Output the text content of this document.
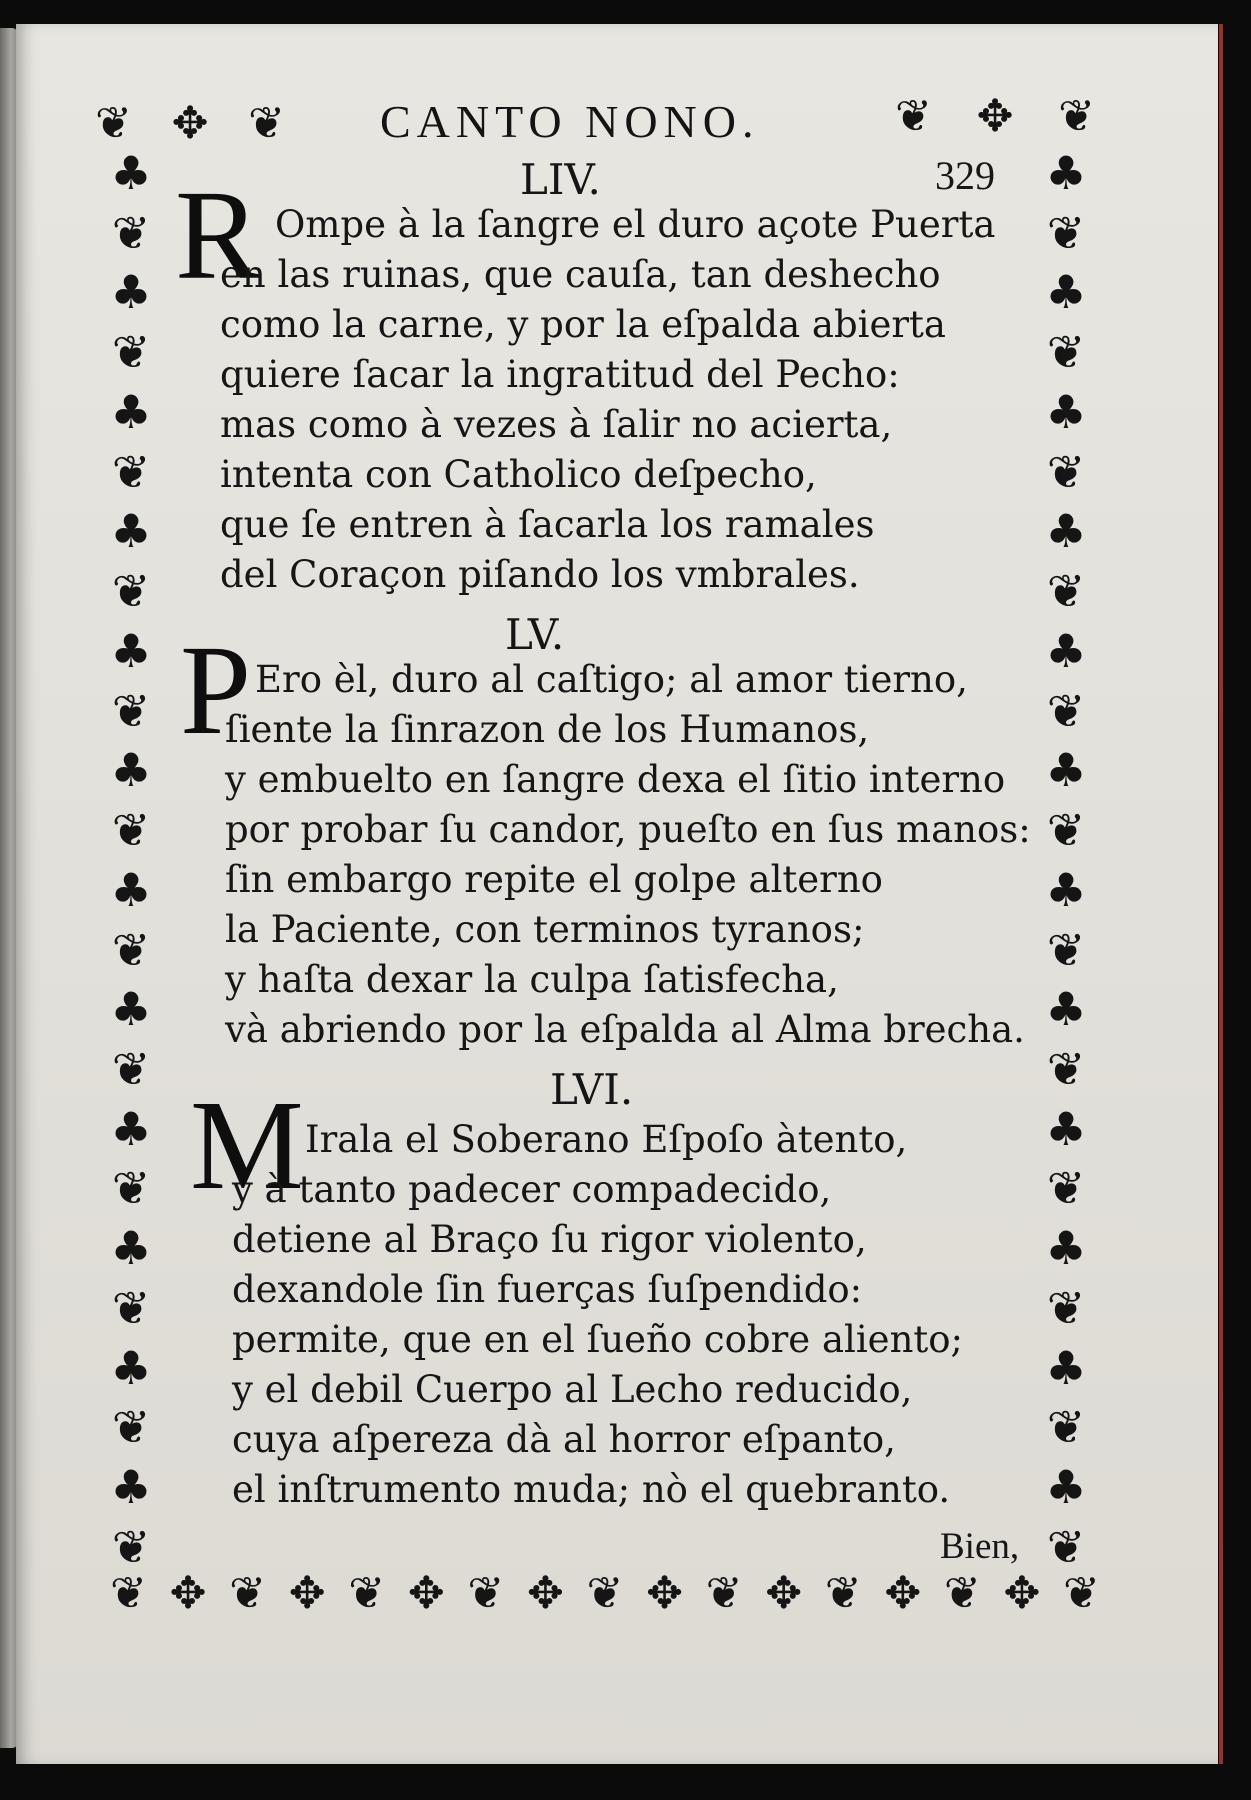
❦ ✥ ❦	❦ ✥ ❦
♣
❦
♣
❦
♣
❦
♣
❦
♣
❦
♣
❦
♣
❦
♣
❦
♣
❦
♣
❦
♣
❦
♣
❦
♣
❦
♣
❦
♣
❦
♣
❦
♣
❦
♣
❦
♣
❦
♣
❦
♣
❦
♣
❦
♣
❦
♣
❦
❦ ✥ ❦ ✥ ❦ ✥ ❦ ✥ ❦ ✥ ❦ ✥ ❦ ✥ ❦ ✥ ❦
CANTO NONO.
329
LIV.
R Ompe à la ſangre el duro açote Puerta
en las ruinas, que cauſa, tan deshecho
como la carne, y por la eſpalda abierta
quiere ſacar la ingratitud del Pecho:
mas como à vezes à ſalir no acierta,
intenta con Catholico deſpecho,
que ſe entren à ſacarla los ramales
del Coraçon piſando los vmbrales.
LV.
P Ero èl, duro al caſtigo; al amor tierno,
ſiente la ſinrazon de los Humanos,
y embuelto en ſangre dexa el ſitio interno
por probar ſu candor, pueſto en ſus manos:
ſin embargo repite el golpe alterno
la Paciente, con terminos tyranos;
y haſta dexar la culpa ſatisfecha,
và abriendo por la eſpalda al Alma brecha.
LVI.
M Irala el Soberano Eſpoſo àtento,
y à tanto padecer compadecido,
detiene al Braço ſu rigor violento,
dexandole ſin fuerças ſuſpendido:
permite, que en el ſueño cobre aliento;
y el debil Cuerpo al Lecho reducido,
cuya aſpereza dà al horror eſpanto,
el inſtrumento muda; nò el quebranto.
Bien,
